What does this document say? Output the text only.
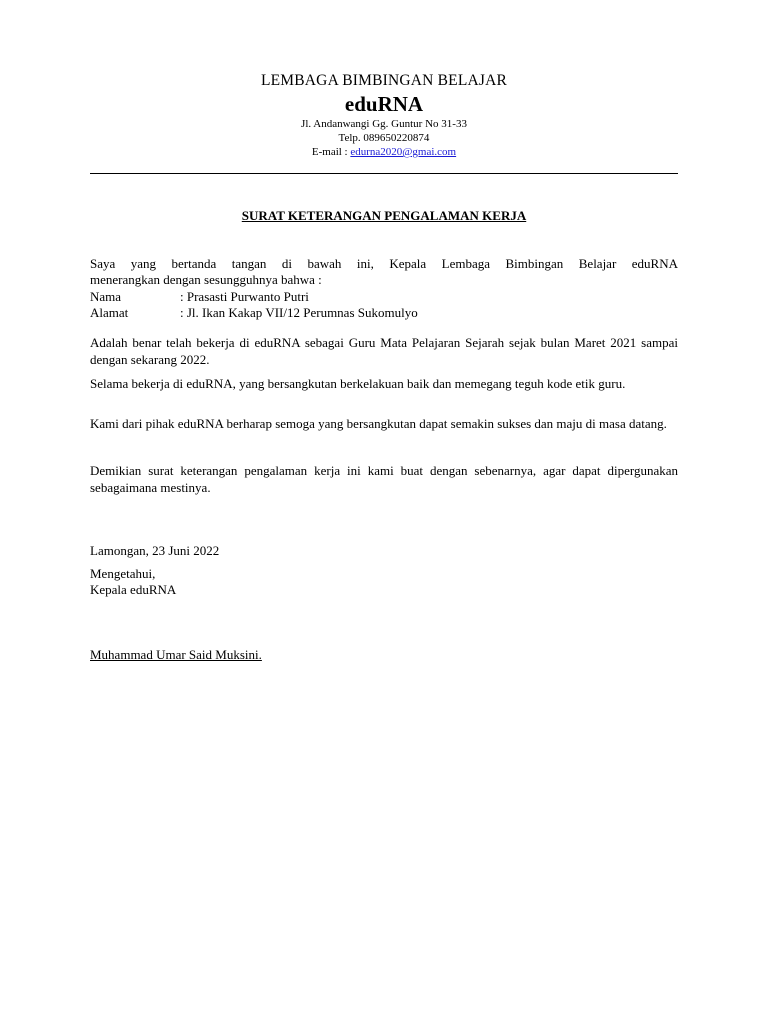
LEMBAGA BIMBINGAN BELAJAR
eduRNA
Jl. Andanwangi Gg. Guntur No 31-33
Telp. 089650220874
E-mail : edurna2020@gmai.com
SURAT KETERANGAN PENGALAMAN KERJA
Saya yang bertanda tangan di bawah ini, Kepala Lembaga Bimbingan Belajar eduRNA
menerangkan dengan sesungguhnya bahwa :
Nama	: Prasasti Purwanto Putri
Alamat	: Jl. Ikan Kakap VII/12 Perumnas Sukomulyo
Adalah benar telah bekerja di eduRNA sebagai Guru Mata Pelajaran Sejarah sejak bulan Maret 2021 sampai dengan sekarang 2022.
Selama bekerja di eduRNA, yang bersangkutan berkelakuan baik dan memegang teguh kode etik guru.
Kami dari pihak eduRNA berharap semoga yang bersangkutan dapat semakin sukses dan maju di masa datang.
Demikian surat keterangan pengalaman kerja ini kami buat dengan sebenarnya, agar dapat dipergunakan sebagaimana mestinya.
Lamongan, 23 Juni 2022
Mengetahui,
Kepala eduRNA
Muhammad Umar Said Muksini.
